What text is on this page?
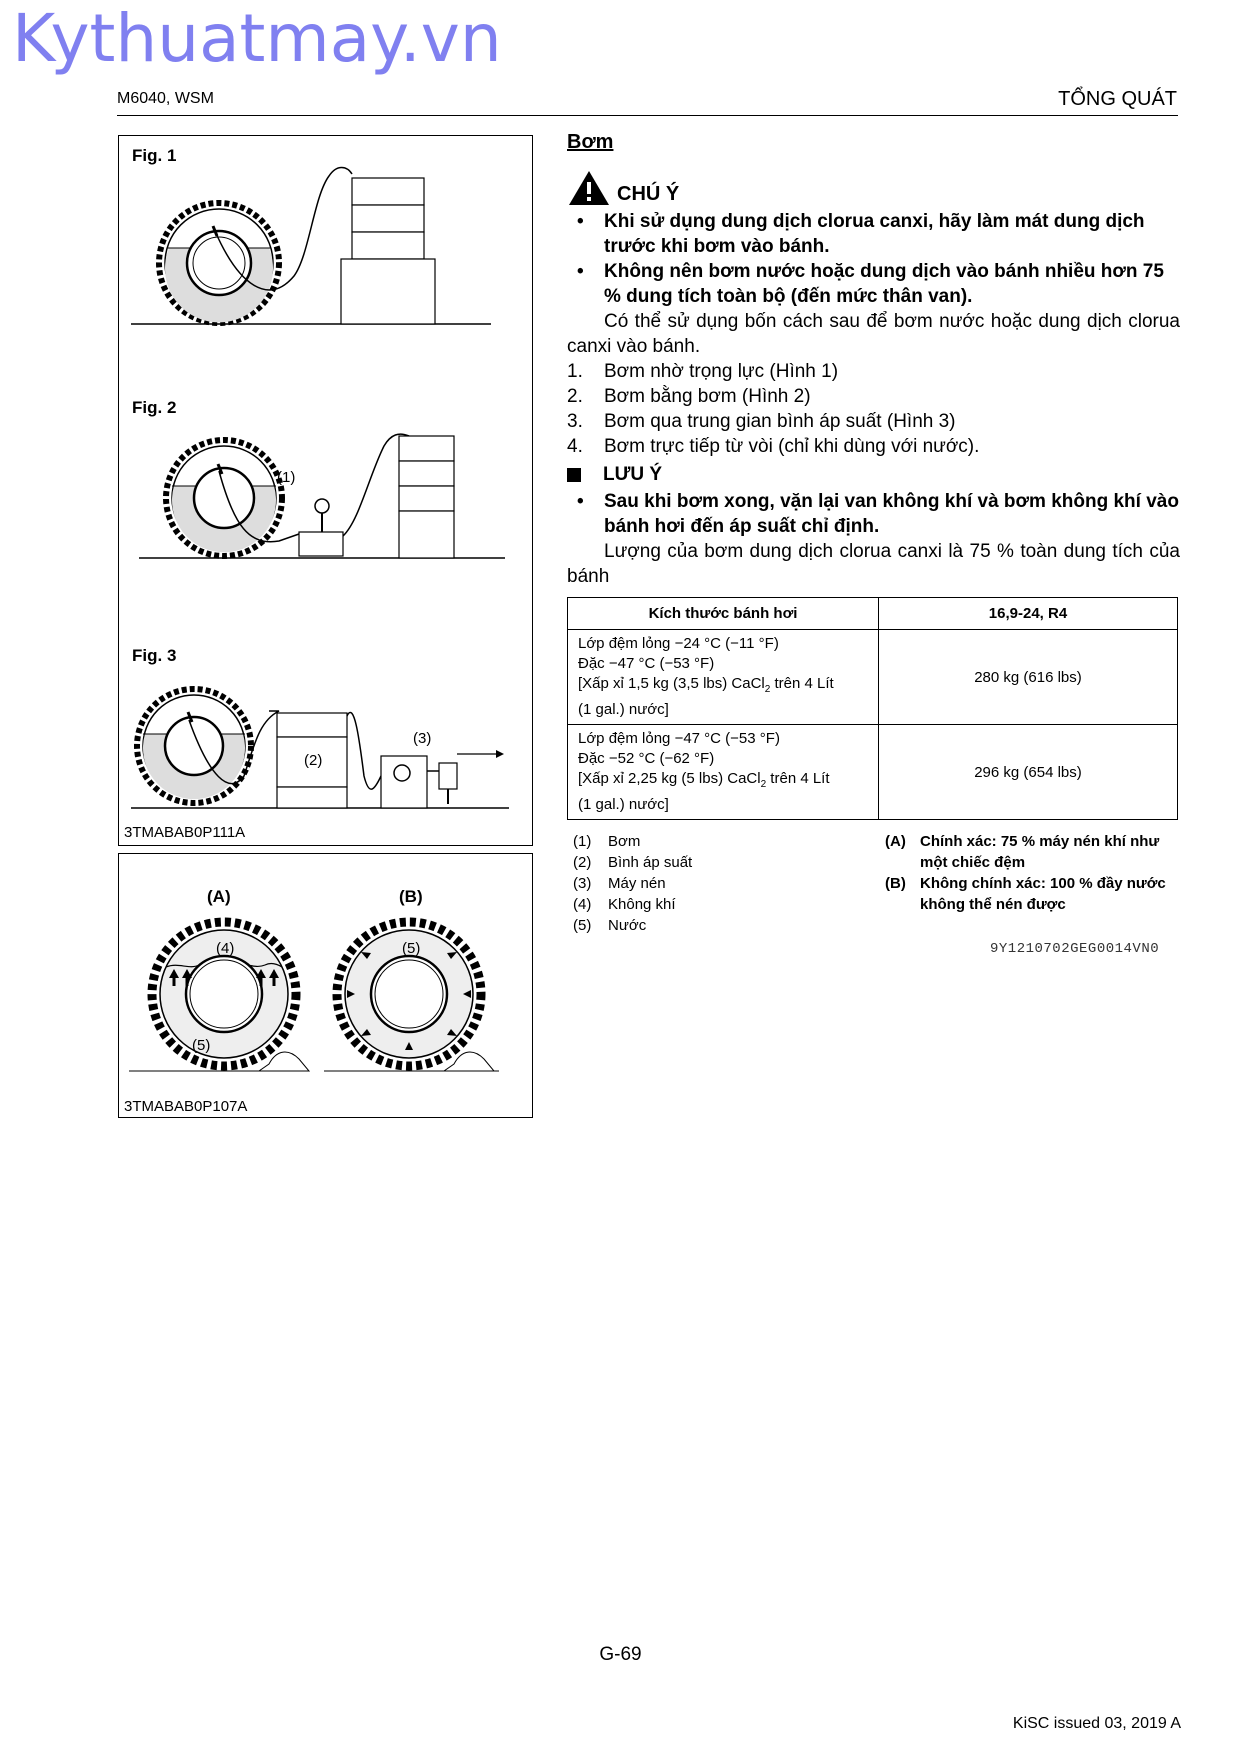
Kythuatmay.vn
M6040, WSM	TỔNG QUÁT
Fig. 1
Fig. 2
Fig. 3
(1)
(2)
(3)
3TMABAB0P111A
(A)	(B)
(4)
(5)
(5)
3TMABAB0P107A
Bơm
CHÚ Ý
• Khi sử dụng dung dịch clorua canxi, hãy làm mát dung dịch trước khi bơm vào bánh.
• Không nên bơm nước hoặc dung dịch vào bánh nhiều hơn 75 % dung tích toàn bộ (đến mức thân van).
Có thể sử dụng bốn cách sau để bơm nước hoặc dung dịch clorua canxi vào bánh.
1. Bơm nhờ trọng lực (Hình 1)
2. Bơm bằng bơm (Hình 2)
3. Bơm qua trung gian bình áp suất (Hình 3)
4. Bơm trực tiếp từ vòi (chỉ khi dùng với nước).
LƯU Ý
• Sau khi bơm xong, vặn lại van không khí và bơm không khí vào bánh hơi đến áp suất chỉ định.
Lượng của bơm dung dịch clorua canxi là 75 % toàn dung tích của bánh
Kích thước bánh hơi	16,9-24, R4

Lớp đệm lỏng −24 °C (−11 °F)
Đặc −47 °C (−53 °F)
[Xấp xỉ 1,5 kg (3,5 lbs) CaCl$_2$ trên 4 Lít
(1 gal.) nước]	280 kg (616 lbs)

Lớp đệm lỏng −47 °C (−53 °F)
Đặc −52 °C (−62 °F)
[Xấp xỉ 2,25 kg (5 lbs) CaCl$_2$ trên 4 Lít
(1 gal.) nước]	296 kg (654 lbs)
(1) Bơm
(2) Bình áp suất
(3) Máy nén
(4) Không khí
(5) Nước
(A) Chính xác: 75 % máy nén khí như một chiếc đệm
(B) Không chính xác: 100 % đầy nước không thể nén được
9Y1210702GEG0014VN0
G-69
KiSC issued 03, 2019 A
